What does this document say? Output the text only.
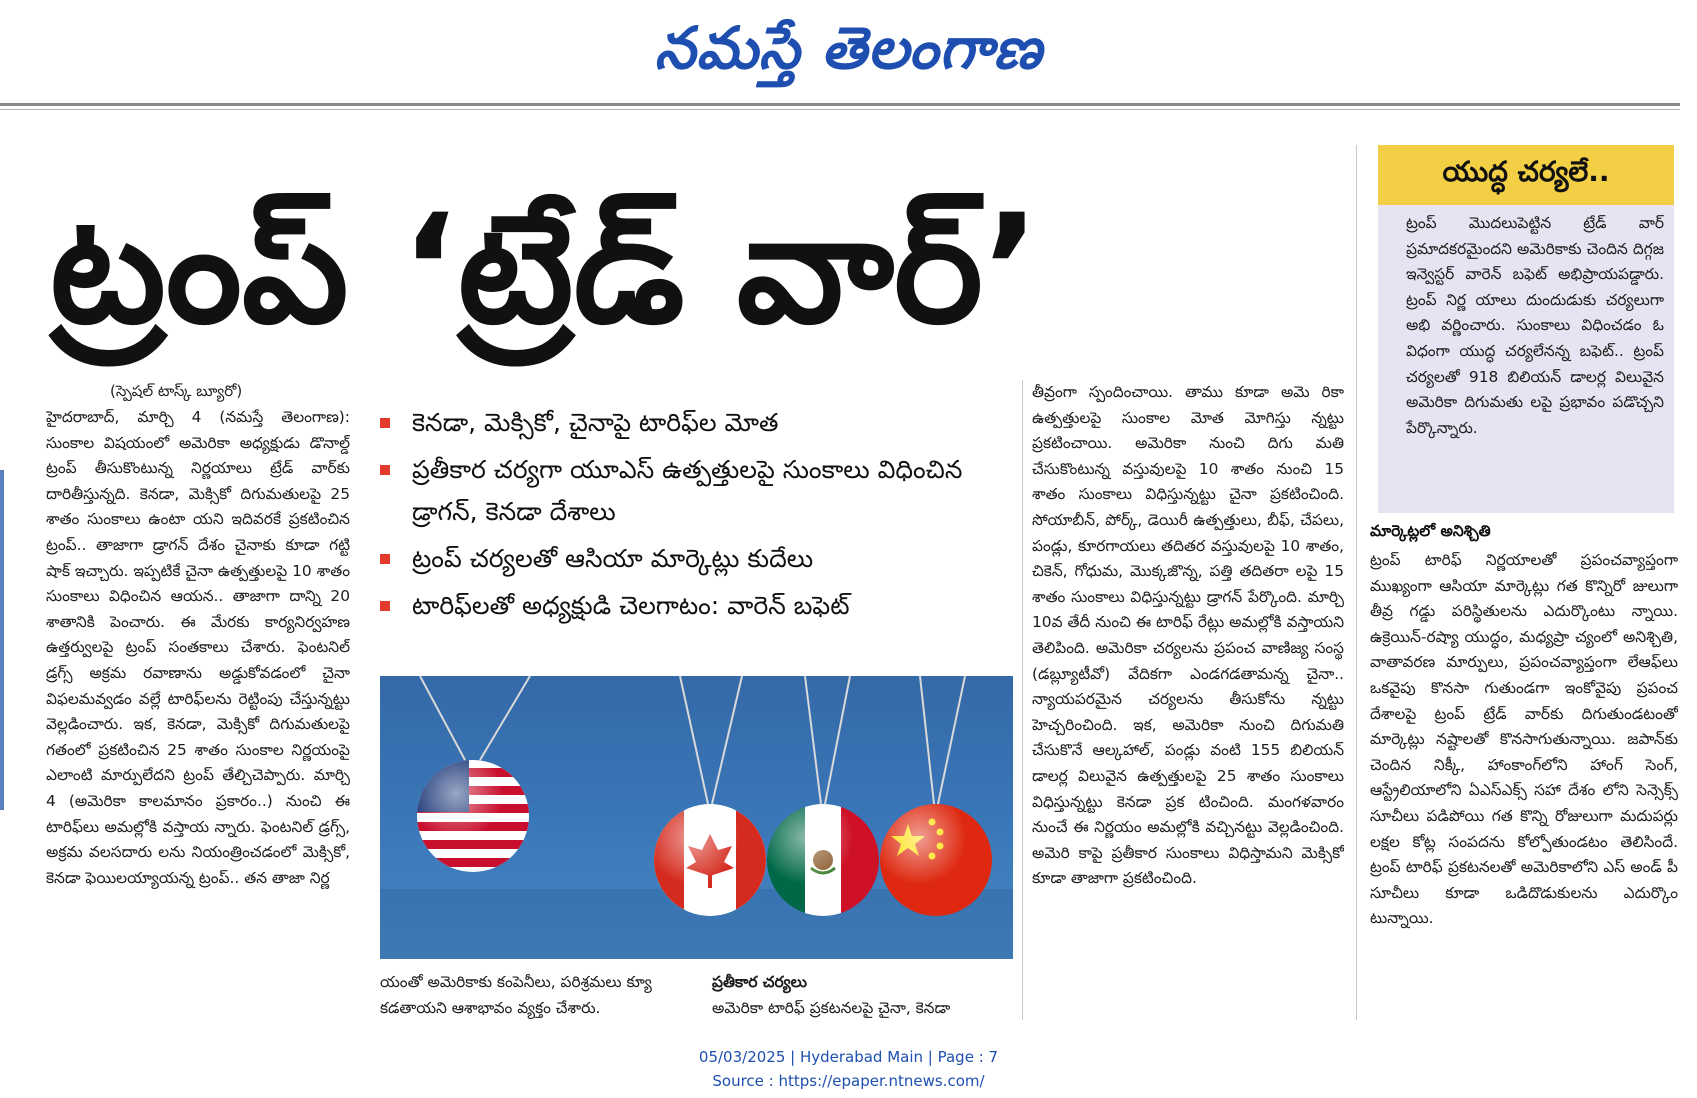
నమస్తే తెలంగాణ
ట్రంప్ ‘ట్రేడ్ వార్’
(స్పెషల్ టాస్క్ బ్యూరో)
హైదరాబాద్, మార్చి 4 (నమస్తే తెలంగాణ): సుంకాల విషయంలో అమెరికా అధ్యక్షుడు డొనాల్డ్ ట్రంప్ తీసుకొంటున్న నిర్ణయాలు ట్రేడ్ వార్‌కు దారితీస్తున్నది. కెనడా, మెక్సికో దిగుమతులపై 25 శాతం సుంకాలు ఉంటా యని ఇదివరకే ప్రకటించిన ట్రంప్.. తాజాగా డ్రాగన్ దేశం చైనాకు కూడా గట్టి షాక్ ఇచ్చారు. ఇప్పటికే చైనా ఉత్పత్తులపై 10 శాతం సుంకాలు విధించిన ఆయన.. తాజాగా దాన్ని 20 శాతానికి పెంచారు. ఈ మేరకు కార్యనిర్వహణ ఉత్తర్వులపై ట్రంప్ సంతకాలు చేశారు. ఫెంటనిల్ డ్రగ్స్ అక్రమ రవాణాను అడ్డుకోవడంలో చైనా విఫలమవ్వడం వల్లే టారిఫ్‌లను రెట్టింపు చేస్తున్నట్టు వెల్లడించారు. ఇక, కెనడా, మెక్సికో దిగుమతులపై గతంలో ప్రకటించిన 25 శాతం సుంకాల నిర్ణయంపై ఎలాంటి మార్పులేదని ట్రంప్ తేల్చిచెప్పారు. మార్చి 4 (అమెరికా కాలమానం ప్రకారం..) నుంచి ఈ టారిఫ్‌లు అమల్లోకి వస్తాయ న్నారు. ఫెంటనిల్ డ్రగ్స్, అక్రమ వలసదారు లను నియంత్రించడంలో మెక్సికో, కెనడా ఫెయిలయ్యాయన్న ట్రంప్.. తన తాజా నిర్ణ
కెనడా, మెక్సికో, చైనాపై టారిఫ్‌ల మోత
ప్రతీకార చర్యగా యూఎస్ ఉత్పత్తులపై సుంకాలు విధించిన డ్రాగన్, కెనడా దేశాలు
ట్రంప్ చర్యలతో ఆసియా మార్కెట్లు కుదేలు
టారిఫ్‌లతో అధ్యక్షుడి చెలగాటం: వారెన్ బఫెట్
యంతో అమెరికాకు కంపెనీలు, పరిశ్రమలు క్యూ కడతాయని ఆశాభావం వ్యక్తం చేశారు.
ప్రతీకార చర్యలు
అమెరికా టారిఫ్ ప్రకటనలపై చైనా, కెనడా
తీవ్రంగా స్పందించాయి. తాము కూడా అమె రికా ఉత్పత్తులపై సుంకాల మోత మోగిస్తు న్నట్టు ప్రకటించాయి. అమెరికా నుంచి దిగు మతి చేసుకొంటున్న వస్తువులపై 10 శాతం నుంచి 15 శాతం సుంకాలు విధిస్తున్నట్టు చైనా ప్రకటించింది. సోయాబీన్, పోర్క్, డెయిరీ ఉత్పత్తులు, బీఫ్, చేపలు, పండ్లు, కూరగాయలు తదితర వస్తువులపై 10 శాతం, చికెన్, గోధుమ, మొక్కజొన్న, పత్తి తదితరా లపై 15 శాతం సుంకాలు విధిస్తున్నట్టు డ్రాగన్ పేర్కొంది. మార్చి 10వ తేదీ నుంచి ఈ టారిఫ్ రేట్లు అమల్లోకి వస్తాయని తెలిపింది. అమెరికా చర్యలను ప్రపంచ వాణిజ్య సంస్థ (డబ్ల్యూటీవో) వేదికగా ఎండగడతామన్న చైనా.. న్యాయపరమైన చర్యలను తీసుకోను న్నట్టు హెచ్చరించింది. ఇక, అమెరికా నుంచి దిగుమతి చేసుకొనే ఆల్కహాల్, పండ్లు వంటి 155 బిలియన్ డాలర్ల విలువైన ఉత్పత్తులపై 25 శాతం సుంకాలు విధిస్తున్నట్టు కెనడా ప్రక టించింది. మంగళవారం నుంచే ఈ నిర్ణయం అమల్లోకి వచ్చినట్టు వెల్లడించింది. అమెరి కాపై ప్రతీకార సుంకాలు విధిస్తామని మెక్సికో కూడా తాజాగా ప్రకటించింది.
యుద్ధ చర్యలే..
ట్రంప్ మొదలుపెట్టిన ట్రేడ్ వార్ ప్రమాదకరమైందని అమెరికాకు చెందిన దిగ్గజ ఇన్వెస్టర్ వారెన్ బఫెట్ అభిప్రాయపడ్డారు. ట్రంప్ నిర్ణ యాలు దుందుడుకు చర్యలుగా అభి వర్ణించారు. సుంకాలు విధించడం ఓ విధంగా యుద్ధ చర్యలేనన్న బఫెట్.. ట్రంప్ చర్యలతో 918 బిలియన్ డాలర్ల విలువైన అమెరికా దిగుమతు లపై ప్రభావం పడొచ్చని పేర్కొన్నారు.
మార్కెట్లలో అనిశ్చితి
ట్రంప్ టారిఫ్ నిర్ణయాలతో ప్రపంచవ్యాప్తంగా ముఖ్యంగా ఆసియా మార్కెట్లు గత కొన్నిరో జులుగా తీవ్ర గడ్డు పరిస్థితులను ఎదుర్కొంటు న్నాయి. ఉక్రెయిన్-రష్యా యుద్ధం, మధ్యప్రా చ్యంలో అనిశ్చితి, వాతావరణ మార్పులు, ప్రపంచవ్యాప్తంగా లేఆఫ్‌లు ఒకవైపు కొనసా గుతుండగా ఇంకోవైపు ప్రపంచ దేశాలపై ట్రంప్ ట్రేడ్ వార్‌కు దిగుతుండటంతో మార్కెట్లు నష్టాలతో కొనసాగుతున్నాయి. జపాన్‌కు చెందిన నిక్కీ, హాంకాంగ్‌లోని హాంగ్ సెంగ్, ఆస్ట్రేలియాలోని ఏఎస్ఎక్స్ సహా దేశం లోని సెన్సెక్స్ సూచీలు పడిపోయి గత కొన్ని రోజులుగా మదుపర్లు లక్షల కోట్ల సంపదను కోల్పోతుండటం తెలిసిందే. ట్రంప్ టారిఫ్ ప్రకటనలతో అమెరికాలోని ఎస్ అండ్ పీ సూచీలు కూడా ఒడిదొడుకులను ఎదుర్కొం టున్నాయి.
05/03/2025 | Hyderabad Main | Page : 7
Source : https://epaper.ntnews.com/
